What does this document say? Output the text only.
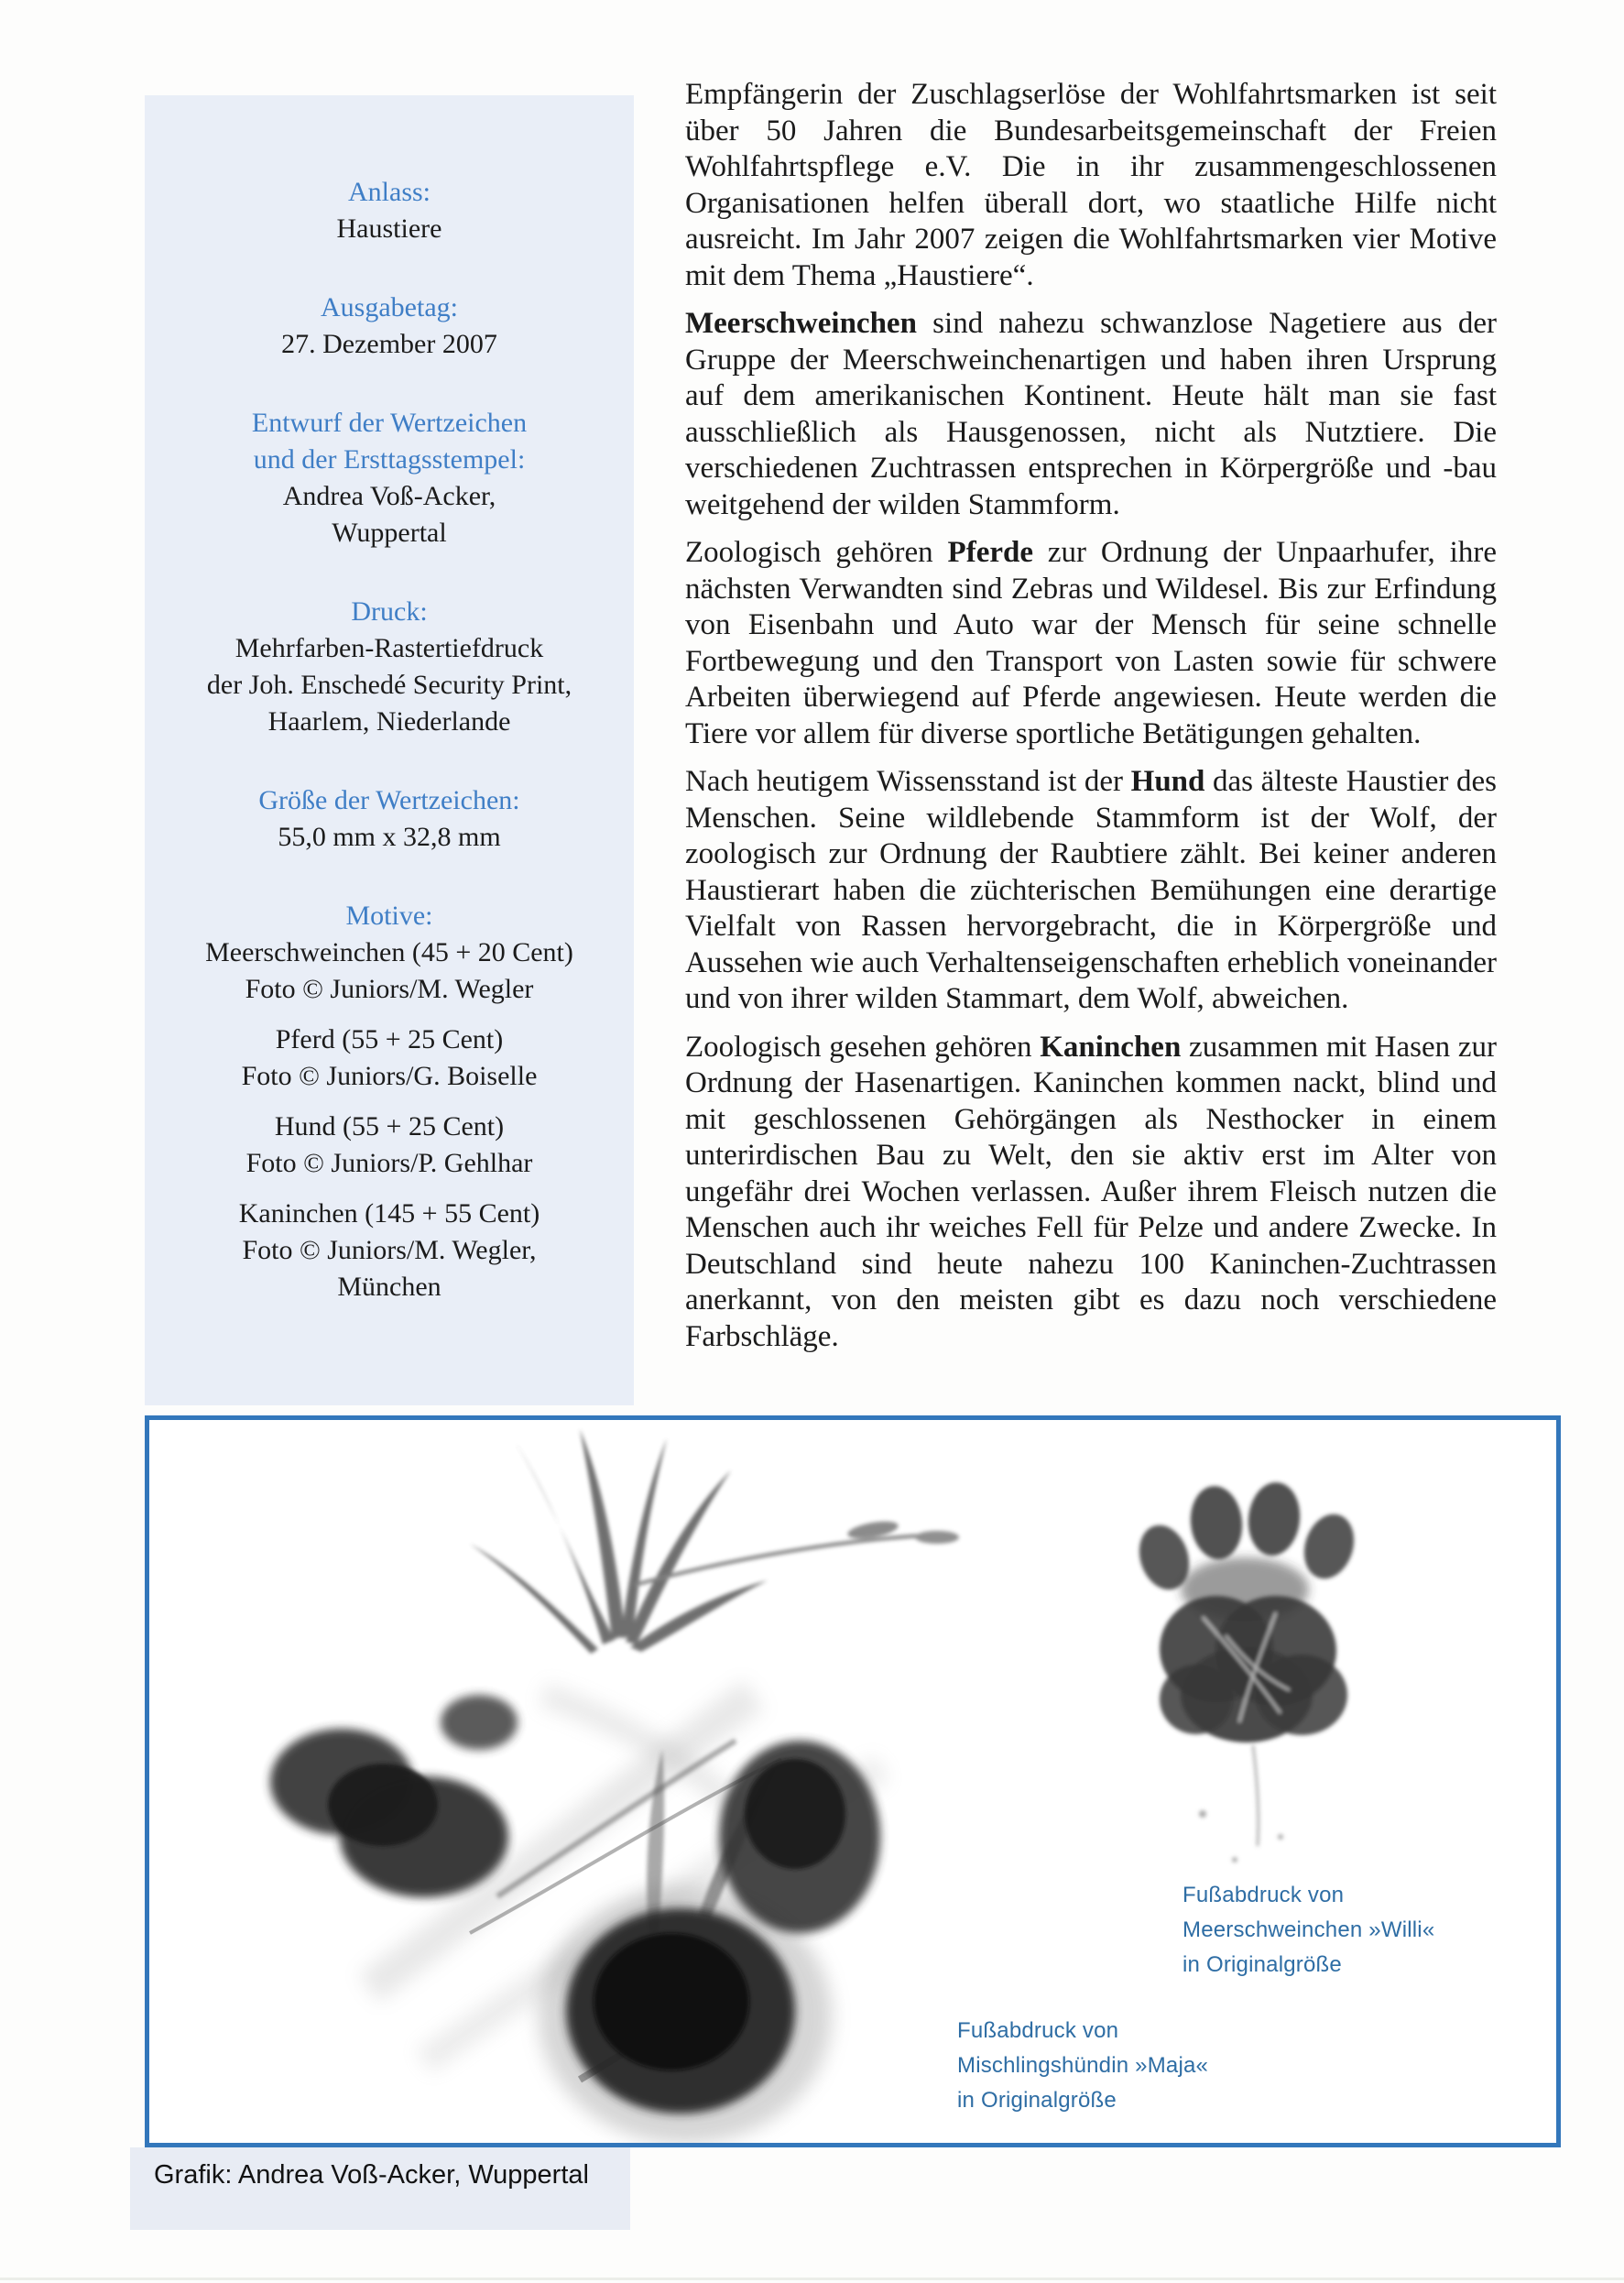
Anlass:
Haustiere
Ausgabetag:
27. Dezember 2007
Entwurf der Wertzeichen
und der Ersttagsstempel:
Andrea Voß-Acker,
Wuppertal
Druck:
Mehrfarben-Rastertiefdruck
der Joh. Enschedé Security Print,
Haarlem, Niederlande
Größe der Wertzeichen:
55,0 mm x 32,8 mm
Motive:
Meerschweinchen (45 + 20 Cent)
Foto © Juniors/M. Wegler
Pferd (55 + 25 Cent)
Foto © Juniors/G. Boiselle
Hund (55 + 25 Cent)
Foto © Juniors/P. Gehlhar
Kaninchen (145 + 55 Cent)
Foto © Juniors/M. Wegler,
München

Empfängerin der Zuschlagserlöse der Wohlfahrtsmarken ist seit über 50 Jahren die Bundesarbeitsgemeinschaft der Freien Wohlfahrtspflege e.V. Die in ihr zusammengeschlossenen Organisationen helfen überall dort, wo staatliche Hilfe nicht ausreicht. Im Jahr 2007 zeigen die Wohlfahrtsmarken vier Motive mit dem Thema „Haustiere“.

Meerschweinchen sind nahezu schwanzlose Nagetiere aus der Gruppe der Meerschweinchenartigen und haben ihren Ursprung auf dem amerikanischen Kontinent. Heute hält man sie fast ausschließlich als Hausgenossen, nicht als Nutztiere. Die verschiedenen Zuchtrassen entsprechen in Körpergröße und -bau weitgehend der wilden Stammform.

Zoologisch gehören Pferde zur Ordnung der Unpaarhufer, ihre nächsten Verwandten sind Zebras und Wildesel. Bis zur Erfindung von Eisenbahn und Auto war der Mensch für seine schnelle Fortbewegung und den Transport von Lasten sowie für schwere Arbeiten überwiegend auf Pferde angewiesen. Heute werden die Tiere vor allem für diverse sportliche Betätigungen gehalten.

Nach heutigem Wissensstand ist der Hund das älteste Haustier des Menschen. Seine wildlebende Stammform ist der Wolf, der zoologisch zur Ordnung der Raubtiere zählt. Bei keiner anderen Haustierart haben die züchterischen Bemühungen eine derartige Vielfalt von Rassen hervorgebracht, die in Körpergröße und Aussehen wie auch Verhaltenseigenschaften erheblich voneinander und von ihrer wilden Stammart, dem Wolf, abweichen.

Zoologisch gesehen gehören Kaninchen zusammen mit Hasen zur Ordnung der Hasenartigen. Kaninchen kommen nackt, blind und mit geschlossenen Gehörgängen als Nesthocker in einem unterirdischen Bau zu Welt, den sie aktiv erst im Alter von ungefähr drei Wochen verlassen. Außer ihrem Fleisch nutzen die Menschen auch ihr weiches Fell für Pelze und andere Zwecke. In Deutschland sind heute nahezu 100 Kaninchen-Zuchtrassen anerkannt, von den meisten gibt es dazu noch verschiedene Farbschläge.

Fußabdruck von
Meerschweinchen »Willi«
in Originalgröße
Fußabdruck von
Mischlingshündin »Maja«
in Originalgröße
Grafik: Andrea Voß-Acker, Wuppertal
